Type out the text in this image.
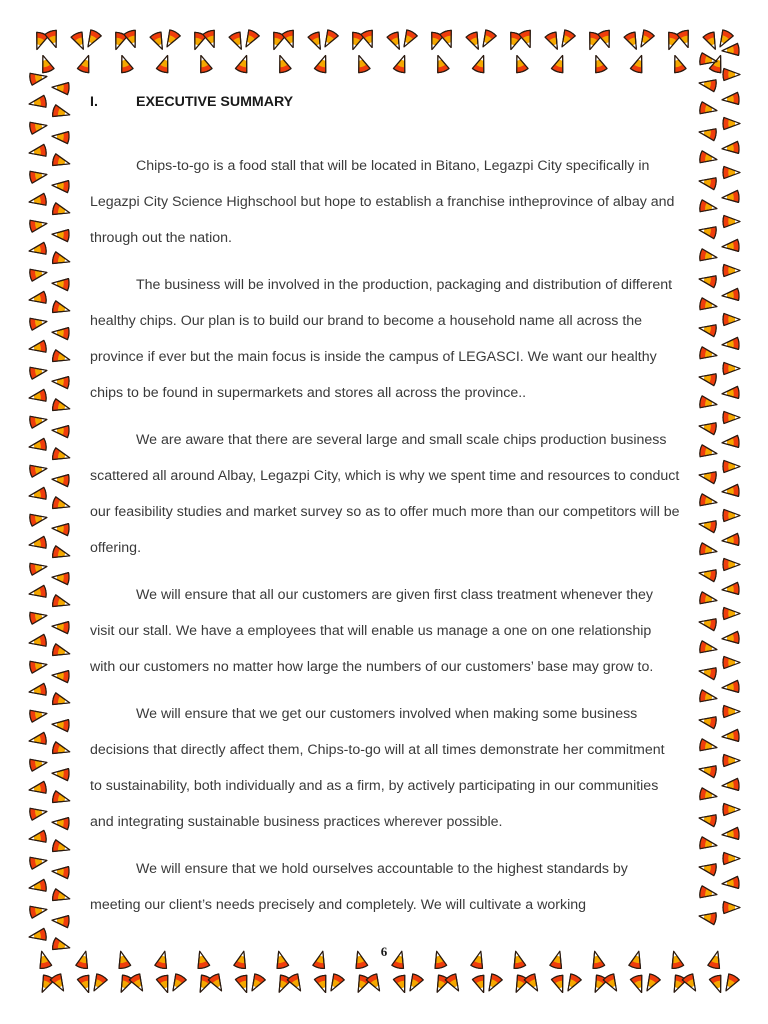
I.	EXECUTIVE SUMMARY

Chips-to-go is a food stall that will be located in Bitano, Legazpi City specifically in Legazpi City Science Highschool but hope to establish a franchise intheprovince of albay and through out the nation.

The business will be involved in the production, packaging and distribution of different healthy chips. Our plan is to build our brand to become a household name all across the province if ever but the main focus is inside the campus of LEGASCI. We want our healthy chips to be found in supermarkets and stores all across the province..

We are aware that there are several large and small scale chips production business scattered all around Albay, Legazpi City, which is why we spent time and resources to conduct our feasibility studies and market survey so as to offer much more than our competitors will be offering.

We will ensure that all our customers are given first class treatment whenever they visit our stall. We have a employees that will enable us manage a one on one relationship with our customers no matter how large the numbers of our customers’ base may grow to.

We will ensure that we get our customers involved when making some business decisions that directly affect them, Chips-to-go will at all times demonstrate her commitment to sustainability, both individually and as a firm, by actively participating in our communities and integrating sustainable business practices wherever possible.

We will ensure that we hold ourselves accountable to the highest standards by meeting our client’s needs precisely and completely. We will cultivate a working

6
